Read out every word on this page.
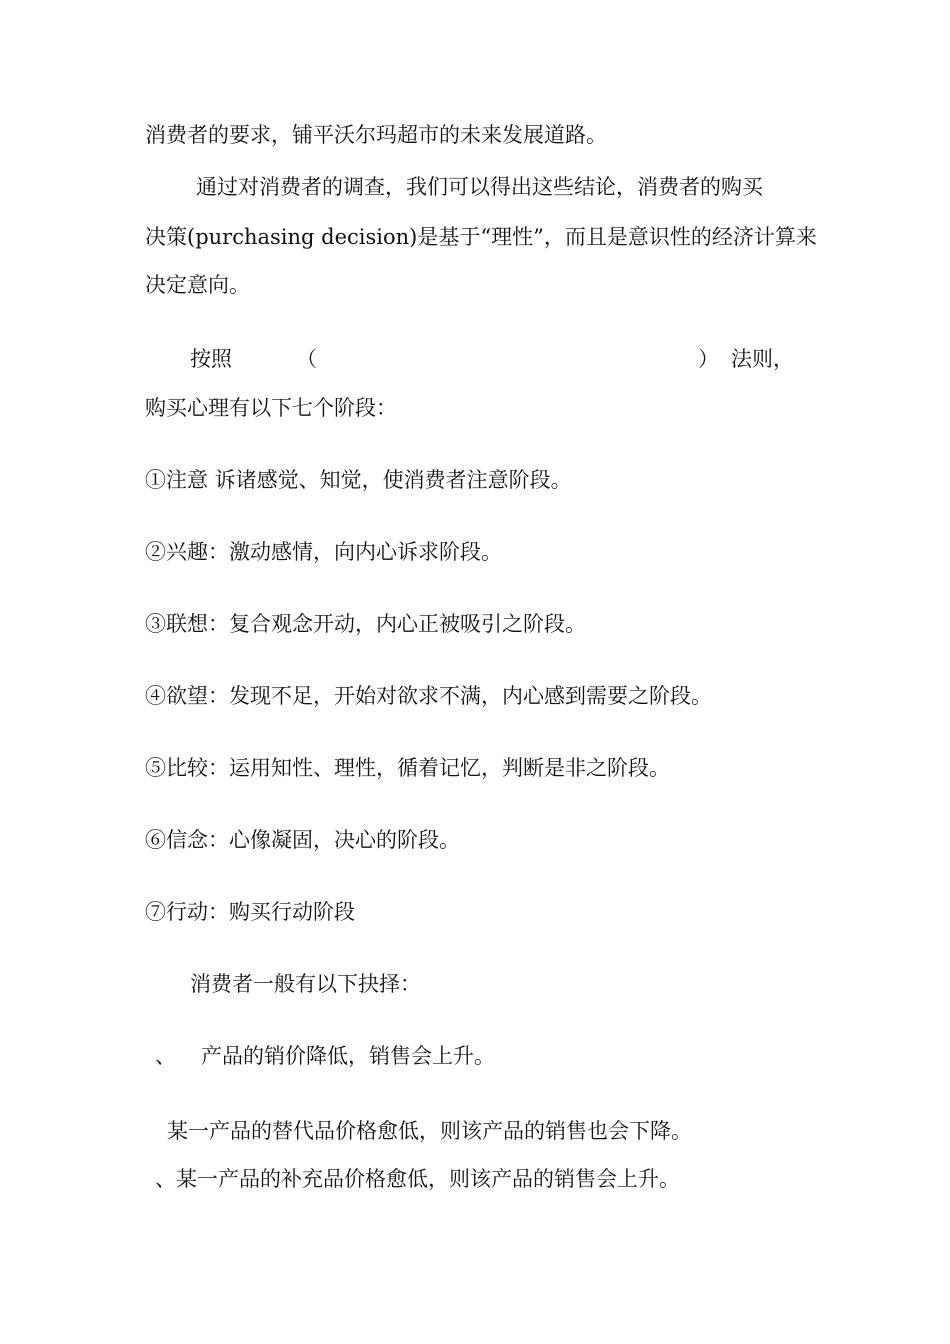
消费者的要求，铺平沃尔玛超市的未来发展道路。
通过对消费者的调查，我们可以得出这些结论，消费者的购买
决策(purchasing decision)是基于“理性”，而且是意识性的经济计算来
决定意向。
按照	（	） 法则，
购买心理有以下七个阶段：
①注意 诉诸感觉、知觉，使消费者注意阶段。
②兴趣：激动感情，向内心诉求阶段。
③联想：复合观念开动，内心正被吸引之阶段。
④欲望：发现不足，开始对欲求不满，内心感到需要之阶段。
⑤比较：运用知性、理性，循着记忆，判断是非之阶段。
⑥信念：心像凝固，决心的阶段。
⑦行动：购买行动阶段
消费者一般有以下抉择：
、 产品的销价降低，销售会上升。
某一产品的替代品价格愈低，则该产品的销售也会下降。
、某一产品的补充品价格愈低，则该产品的销售会上升。
